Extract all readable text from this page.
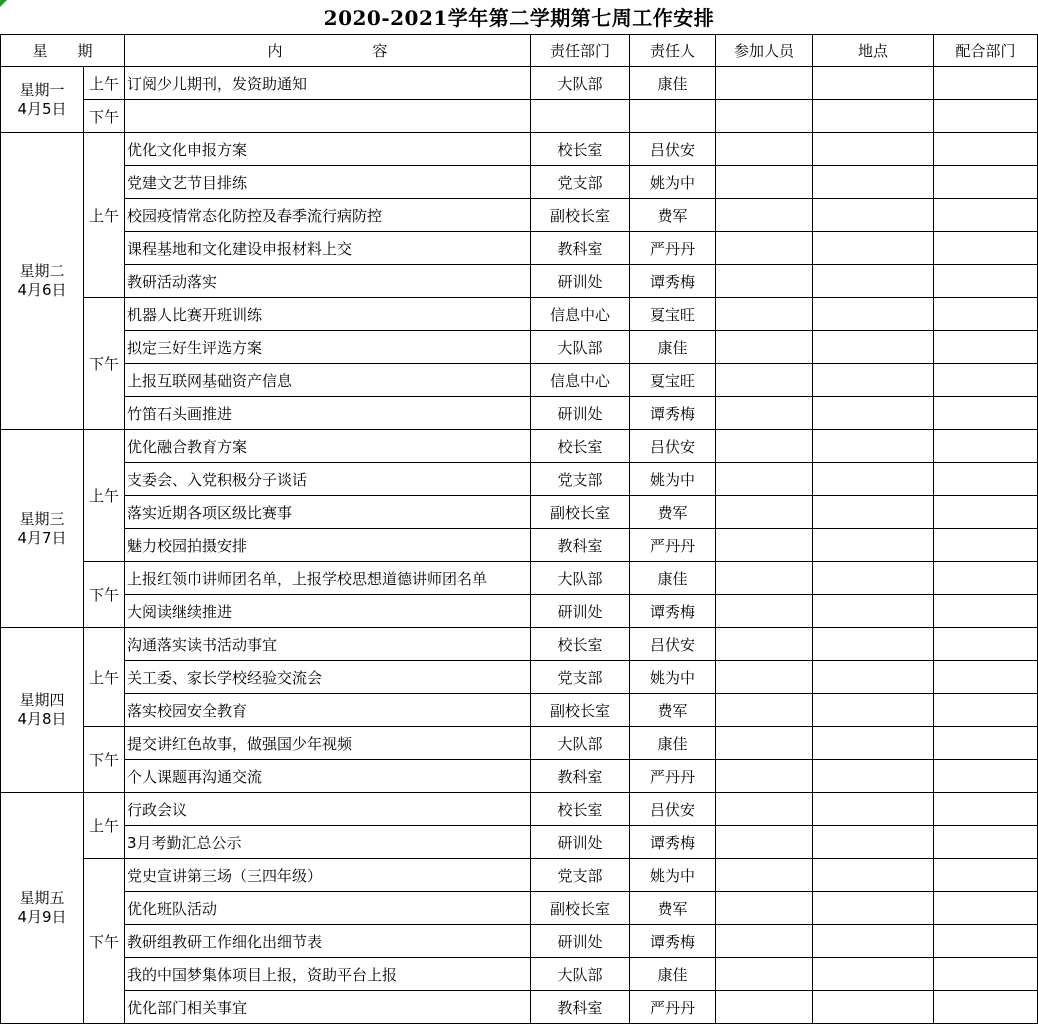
2020-2021学年第二学期第七周工作安排
星　　期		内　　　　　　容	责任部门	责任人	参加人员	地点	配合部门

星期一
4月5日	上午	订阅少儿期刊，发资助通知	大队部	康佳			
	下午						

星期二
4月6日	上午	优化文化申报方案	校长室	吕伏安			
		党建文艺节目排练	党支部	姚为中			
		校园疫情常态化防控及春季流行病防控	副校长室	费军			
		课程基地和文化建设申报材料上交	教科室	严丹丹			
		教研活动落实	研训处	谭秀梅			
	下午	机器人比赛开班训练	信息中心	夏宝旺			
		拟定三好生评选方案	大队部	康佳			
		上报互联网基础资产信息	信息中心	夏宝旺			
		竹笛石头画推进	研训处	谭秀梅			

星期三
4月7日	上午	优化融合教育方案	校长室	吕伏安			
		支委会、入党积极分子谈话	党支部	姚为中			
		落实近期各项区级比赛事	副校长室	费军			
		魅力校园拍摄安排	教科室	严丹丹			
	下午	上报红领巾讲师团名单，上报学校思想道德讲师团名单	大队部	康佳			
		大阅读继续推进	研训处	谭秀梅			

星期四
4月8日	上午	沟通落实读书活动事宜	校长室	吕伏安			
		关工委、家长学校经验交流会	党支部	姚为中			
		落实校园安全教育	副校长室	费军			
	下午	提交讲红色故事，做强国少年视频	大队部	康佳			
		个人课题再沟通交流	教科室	严丹丹			

星期五
4月9日	上午	行政会议	校长室	吕伏安			
		3月考勤汇总公示	研训处	谭秀梅			
	下午	党史宣讲第三场（三四年级）	党支部	姚为中			
		优化班队活动	副校长室	费军			
		教研组教研工作细化出细节表	研训处	谭秀梅			
		我的中国梦集体项目上报，资助平台上报	大队部	康佳			
		优化部门相关事宜	教科室	严丹丹			
